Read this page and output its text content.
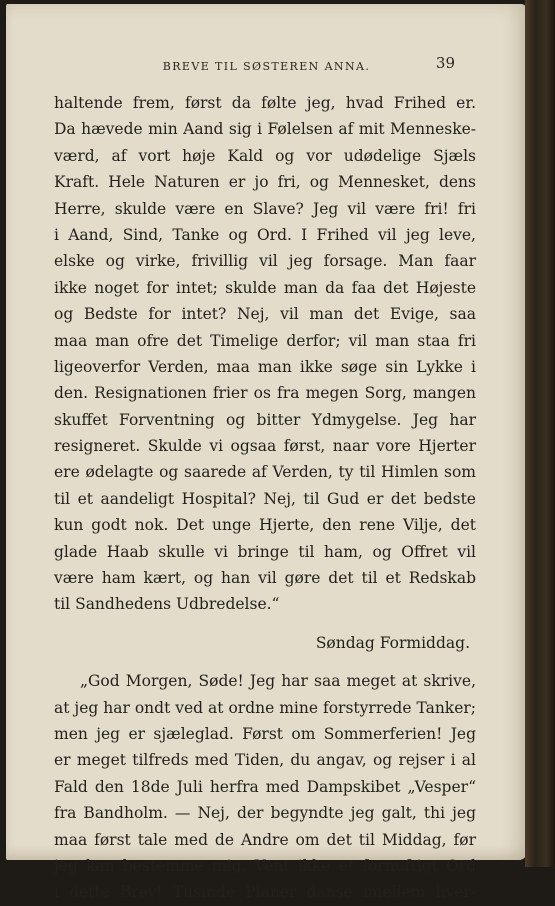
BREVE TIL SØSTEREN ANNA.	39
haltende frem, først da følte jeg, hvad Frihed er.
Da hævede min Aand sig i Følelsen af mit Menneske-
værd, af vort høje Kald og vor udødelige Sjæls
Kraft. Hele Naturen er jo fri, og Mennesket, dens
Herre, skulde være en Slave? Jeg vil være fri! fri
i Aand, Sind, Tanke og Ord. I Frihed vil jeg leve,
elske og virke, frivillig vil jeg forsage. Man faar
ikke noget for intet; skulde man da faa det Højeste
og Bedste for intet? Nej, vil man det Evige, saa
maa man ofre det Timelige derfor; vil man staa fri
ligeoverfor Verden, maa man ikke søge sin Lykke i
den. Resignationen frier os fra megen Sorg, mangen
skuffet Forventning og bitter Ydmygelse. Jeg har
resigneret. Skulde vi ogsaa først, naar vore Hjerter
ere ødelagte og saarede af Verden, ty til Himlen som
til et aandeligt Hospital? Nej, til Gud er det bedste
kun godt nok. Det unge Hjerte, den rene Vilje, det
glade Haab skulle vi bringe til ham, og Offret vil
være ham kært, og han vil gøre det til et Redskab
til Sandhedens Udbredelse.“
Søndag Formiddag.
„God Morgen, Søde! Jeg har saa meget at skrive,
at jeg har ondt ved at ordne mine forstyrrede Tanker;
men jeg er sjæleglad. Først om Sommerferien! Jeg
er meget tilfreds med Tiden, du angav, og rejser i al
Fald den 18de Juli herfra med Dampskibet „Vesper“
fra Bandholm. — Nej, der begyndte jeg galt, thi jeg
maa først tale med de Andre om det til Middag, før
jeg kan bestemme mig. Vent ikke et fornuftigt Ord
i dette Brev! Tusinde Planer danse imellem hver-
